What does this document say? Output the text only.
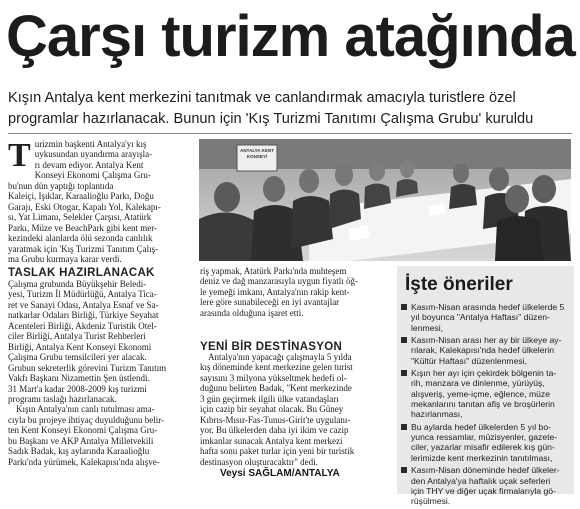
Çarşı turizm atağında
Kışın Antalya kent merkezini tanıtmak ve canlandırmak amacıyla turistlere özel
programlar hazırlanacak. Bunun için 'Kış Turizmi Tanıtımı Çalışma Grubu' kuruldu
T urizmin başkenti Antalya'yı kış
uykusundan uyandırma arayışla-
rı devam ediyor. Antalya Kent
Konseyi Ekonomi Çalışma Gru-
bu'nun dün yaptığı toplantıda
Kaleiçi, Işıklar, Karaalioğlu Parkı, Doğu
Garajı, Eski Otogar, Kapalı Yol, Kalekapı-
sı, Yat Limanı, Selekler Çarşısı, Atatürk
Parkı, Müze ve BeachPark gibi kent mer-
kezindeki alanlarda ölü sezonda canlılık
yaratmak için 'Kış Turizmi Tanıtım Çalış-
ma Grubu kurmaya karar verdi.
TASLAK HAZIRLANACAK
Çalışma grubunda Büyükşehir Beledi-
yesi, Turizm İl Müdürlüğü, Antalya Tica-
ret ve Sanayi Odası, Antalya Esnaf ve Sa-
natkarlar Odaları Birliği, Türkiye Seyahat
Acenteleri Birliği, Akdeniz Turistik Otel-
ciler Birliği, Antalya Turist Rehberleri
Birliği, Antalya Kent Konseyi Ekonomi
Çalışma Grubu temsilcileri yer alacak.
Grubun sekreterlik görevini Turizm Tanıtım
Vakfı Başkanı Nizamettin Şen üstlendi.
31 Mart'a kadar 2008-2009 kış turizmi
programı taslağı hazırlanacak.
Kışın Antalya'nın canlı tutulması ama-
cıyla bu projeye ihtiyaç duyulduğunu belir-
ten Kent Konseyi Ekonomi Çalışma Gru-
bu Başkanı ve AKP Antalya Milletvekili
Sadık Badak, kış aylarında Karaalioğlu
Parkı'nda yürümek, Kalekapısı'nda alışve-
ANTALYA KENT KONSEYİ
riş yapmak, Atatürk Parkı'nda muhteşem
deniz ve dağ manzarasıyla uygun fiyatlı öğ-
le yemeği imkanı, Antalya'nın rakip kent-
lere göre sunabileceği en iyi avantajlar
arasında olduğuna işaret etti.
YENİ BİR DESTİNASYON
Antalya'nın yapacağı çalışmayla 5 yılda
kış döneminde kent merkezine gelen turist
sayısını 3 milyona yükseltmek hedefi ol-
duğunu belirten Badak, "Kent merkezinde
3 gün geçirmek ilgili ülke vatandaşları
için cazip bir seyahat olacak. Bu Güney
Kıbrıs-Mısır-Fas-Tunus-Girit'te uygulanı-
yor. Bu ülkelerden daha iyi ikim ve cazip
imkanlar sunacak Antalya kent merkezi
hafta sonu paket turlar için yeni bir turistik
destinasyon oluşturacaktır" dedi.
Veysi SAĞLAM/ANTALYA
İşte öneriler
Kasım-Nisan arasında hedef ülkelerde 5
yıl boyunca "Antalya Haftası" düzen-
lenmesi,
Kasım-Nisan arası her ay bir ülkeye ay-
rılarak, Kalekapısı'nda hedef ülkelerin
"Kültür Haftası" düzenlenmesi,
Kışın her ayı için çekirdek bölgenin ta-
rih, manzara ve dinlenme, yürüyüş,
alışveriş, yeme-içme, eğlence, müze
mekanlarını tanıtan afiş ve broşürlerin
hazırlanması,
Bu aylarda hedef ülkelerden 5 yıl bo-
yunca ressamlar, müzisyenler, gazete-
ciler, yazarlar misafir edilerek kış gün-
lerimizde kent merkezinin tanıtılması,
Kasım-Nisan döneminde hedef ülkeler-
den Antalya'ya haftalık uçak seferleri
için THY ve diğer uçak firmalarıyla gö-
rüşülmesi.
